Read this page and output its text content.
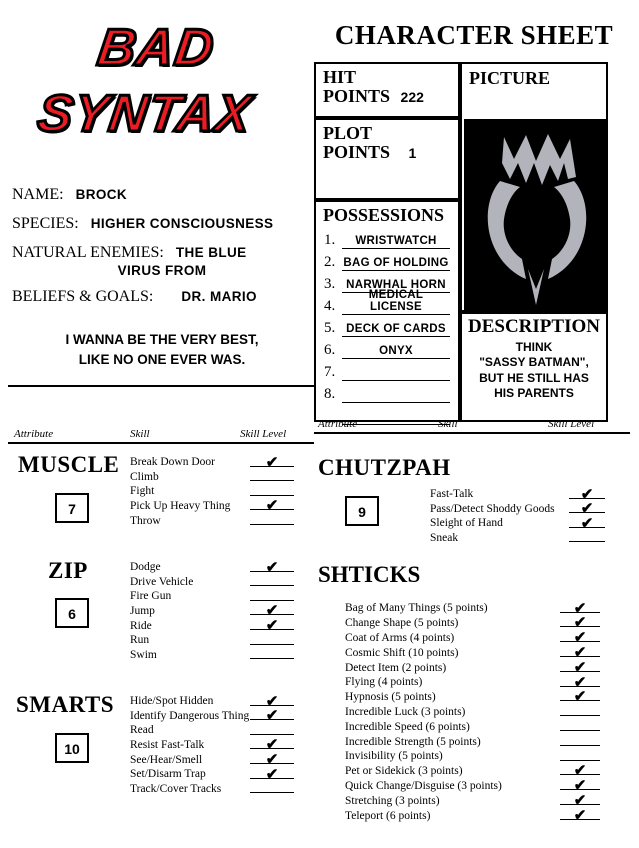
BAD
SYNTAX
CHARACTER SHEET
NAME: BROCK
SPECIES: HIGHER CONSCIOUSNESS
NATURAL ENEMIES: THE BLUE
VIRUS FROM
BELIEFS & GOALS: DR. MARIO
I WANNA BE THE VERY BEST,
LIKE NO ONE EVER WAS.
HIT
POINTS 222
PLOT
POINTS 1
PICTURE
POSSESSIONS
1.	WRISTWATCH
2. BAG OF HOLDING
3. NARWHAL HORN
4.
MEDICAL LICENSE
5. DECK OF CARDS
6.	ONYX
7.
8.
DESCRIPTION
THINK
"SASSY BATMAN",
BUT HE STILL HAS
HIS PARENTS
Attribute	Skill	Skill Level
Attribute	Skill	Skill Level
MUSCLE
7
Break Down Door	✔
Climb
Fight
Pick Up Heavy Thing	✔
Throw
ZIP
6
Dodge	✔
Drive Vehicle
Fire Gun
Jump	✔
Ride	✔
Run
Swim
SMARTS
10
Hide/Spot Hidden	✔
Identify Dangerous Thing ✔
Read
Resist Fast-Talk	✔
See/Hear/Smell	✔
Set/Disarm Trap	✔
Track/Cover Tracks
CHUTZPAH
9
Fast-Talk	✔
Pass/Detect Shoddy Goods	✔
Sleight of Hand	✔
Sneak
SHTICKS
Bag of Many Things (5 points)	✔
Change Shape (5 points)	✔
Coat of Arms (4 points)	✔
Cosmic Shift (10 points)	✔
Detect Item (2 points)	✔
Flying (4 points)	✔
Hypnosis (5 points)	✔
Incredible Luck (3 points)
Incredible Speed (6 points)
Incredible Strength (5 points)
Invisibility (5 points)
Pet or Sidekick (3 points)	✔
Quick Change/Disguise (3 points)	✔
Stretching (3 points)	✔
Teleport (6 points)	✔
